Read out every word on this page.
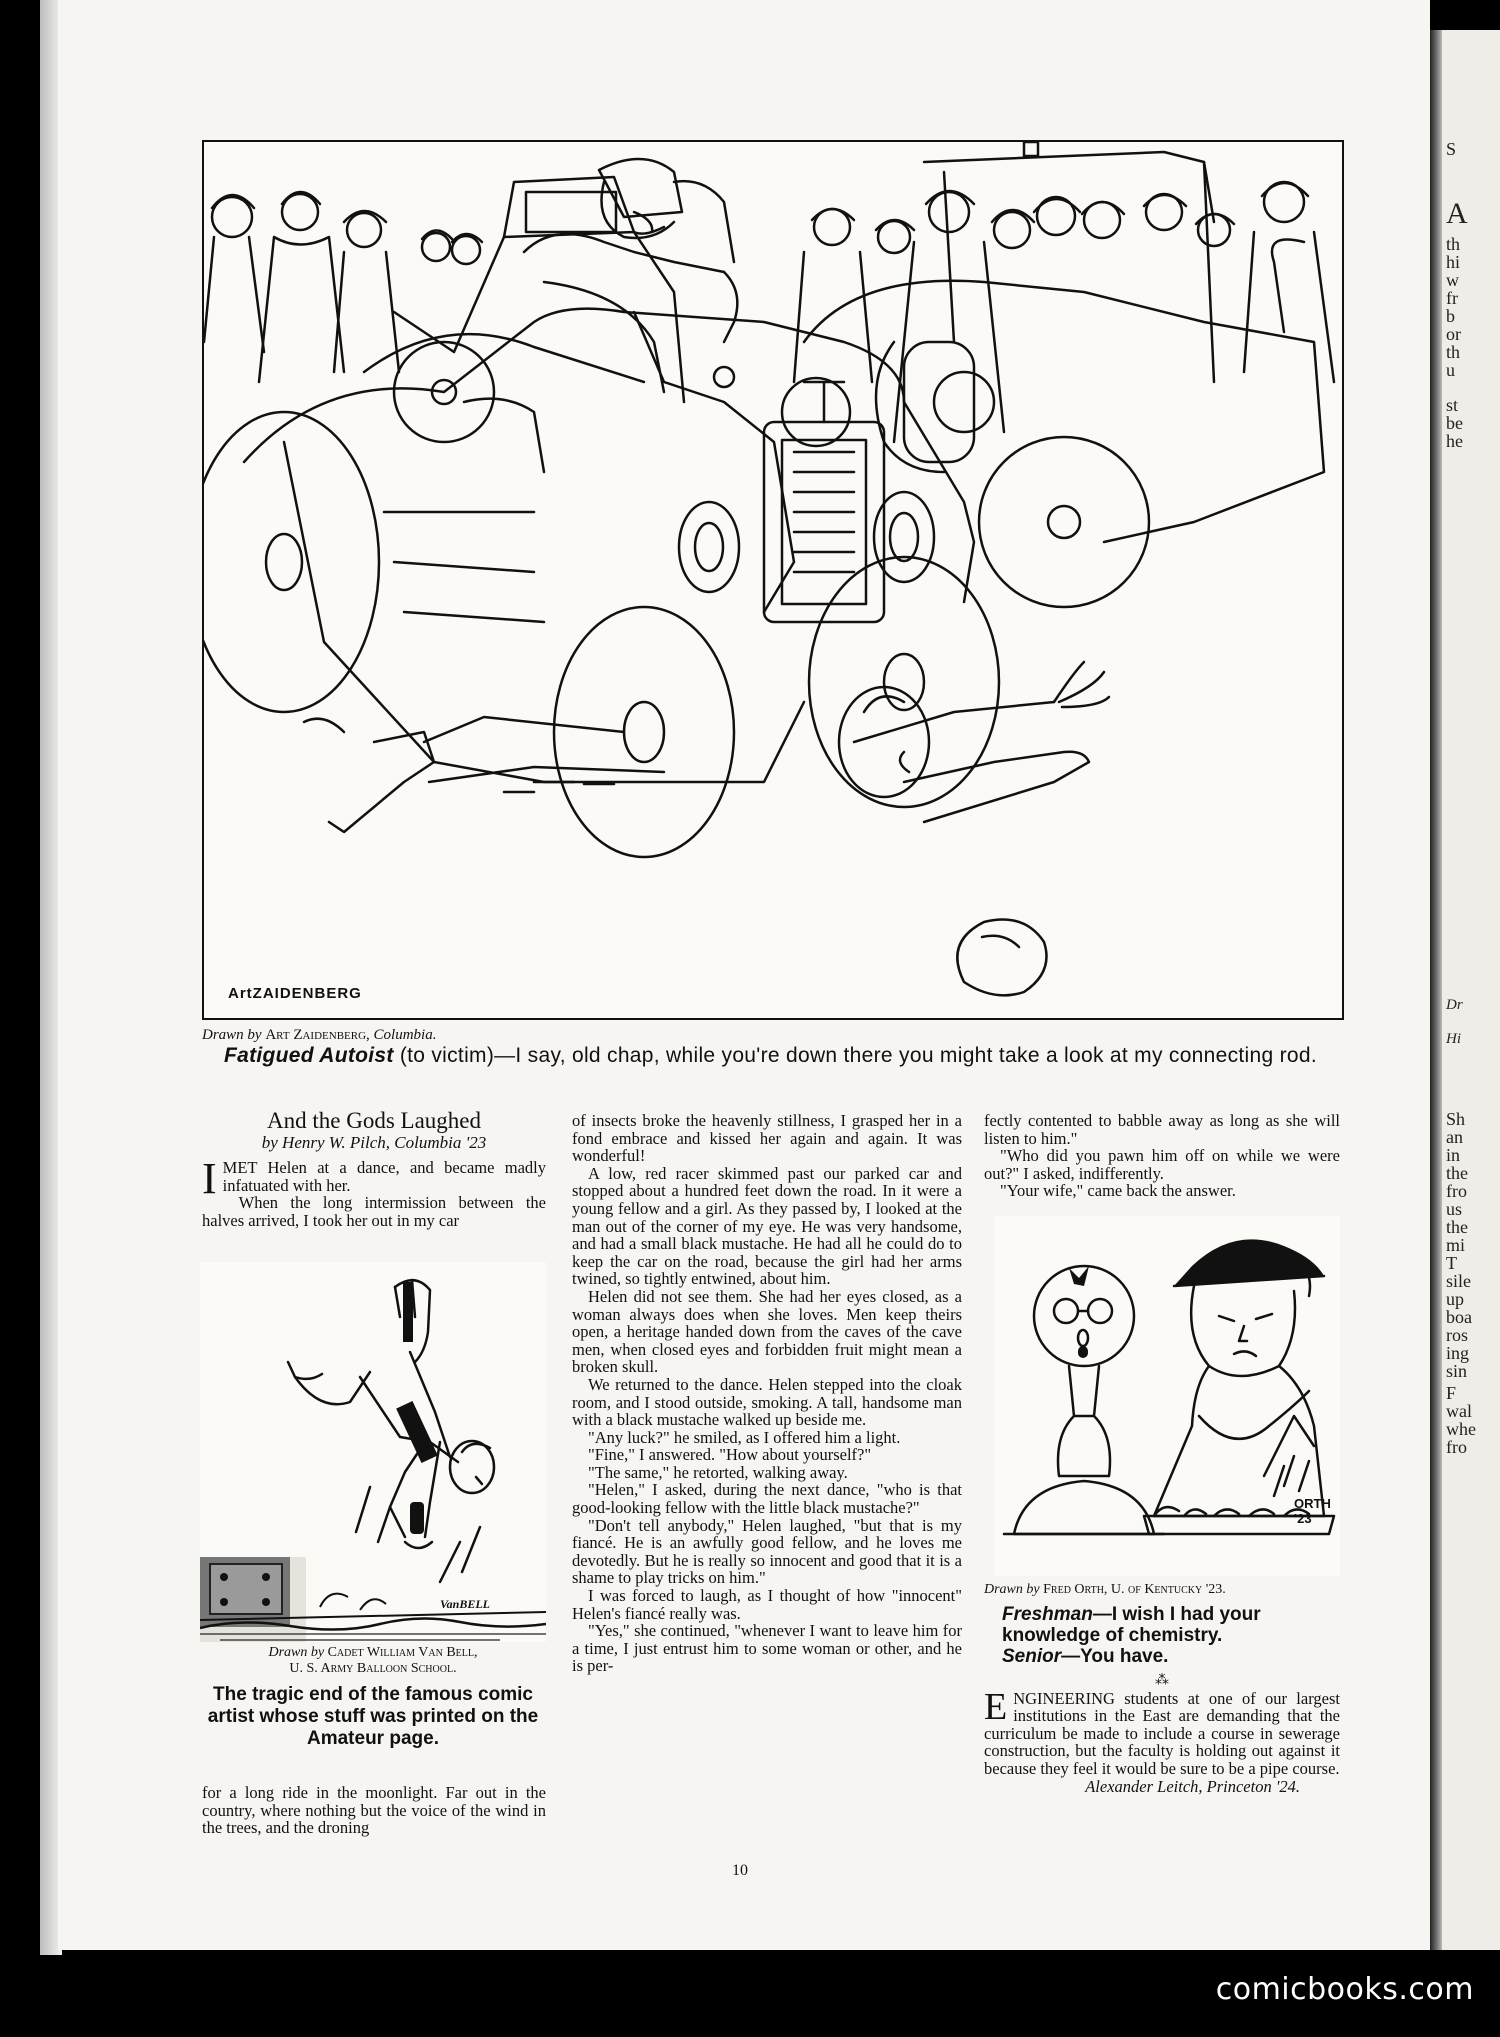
S
A
th
hi
w
fr
b
or
th
u
st
be
he
Dr
Hi
Sh
an
in
the
fro
us
the
mi
T
sile
up
boa
ros
ing
sin
F
wal
whe
fro
ArtZAIDENBERG
Drawn by Art Zaidenberg, Columbia.
Fatigued Autoist (to victim)—I say, old chap, while you're down there you might take a look at my connecting rod.
And the Gods Laughed
by Henry W. Pilch, Columbia '23

IMET Helen at a dance, and became madly infatuated with her.

When the long intermission between the halves arrived, I took her out in my car

VanBELL
Drawn by Cadet William Van Bell,
U. S. Army Balloon School.
The tragic end of the famous comic artist whose stuff was printed on the Amateur page.

for a long ride in the moonlight. Far out in the country, where nothing but the voice of the wind in the trees, and the droning

of insects broke the heavenly stillness, I grasped her in a fond embrace and kissed her again and again. It was wonderful!

A low, red racer skimmed past our parked car and stopped about a hundred feet down the road. In it were a young fellow and a girl. As they passed by, I looked at the man out of the corner of my eye. He was very handsome, and had a small black mustache. He had all he could do to keep the car on the road, because the girl had her arms twined, so tightly entwined, about him.

Helen did not see them. She had her eyes closed, as a woman always does when she loves. Men keep theirs open, a heritage handed down from the caves of the cave men, when closed eyes and forbidden fruit might mean a broken skull.

We returned to the dance. Helen stepped into the cloak room, and I stood outside, smoking. A tall, handsome man with a black mustache walked up beside me.

"Any luck?" he smiled, as I offered him a light.

"Fine," I answered. "How about yourself?"

"The same," he retorted, walking away.

"Helen," I asked, during the next dance, "who is that good-looking fellow with the little black mustache?"

"Don't tell anybody," Helen laughed, "but that is my fiancé. He is an awfully good fellow, and he loves me devotedly. But he is really so innocent and good that it is a shame to play tricks on him."

I was forced to laugh, as I thought of how "innocent" Helen's fiancé really was.

"Yes," she continued, "whenever I want to leave him for a time, I just entrust him to some woman or other, and he is per-

fectly contented to babble away as long as she will listen to him."

"Who did you pawn him off on while we were out?" I asked, indifferently.

"Your wife," came back the answer.

ORTH
'23
Drawn by Fred Orth, U. of Kentucky '23.
Freshman—I wish I had your knowledge of chemistry.
Senior—You have.
⁂

ENGINEERING students at one of our largest institutions in the East are demanding that the curriculum be made to include a course in sewerage construction, but the faculty is holding out against it because they feel it would be sure to be a pipe course.

Alexander Leitch, Princeton '24.

10
comicbooks.com
